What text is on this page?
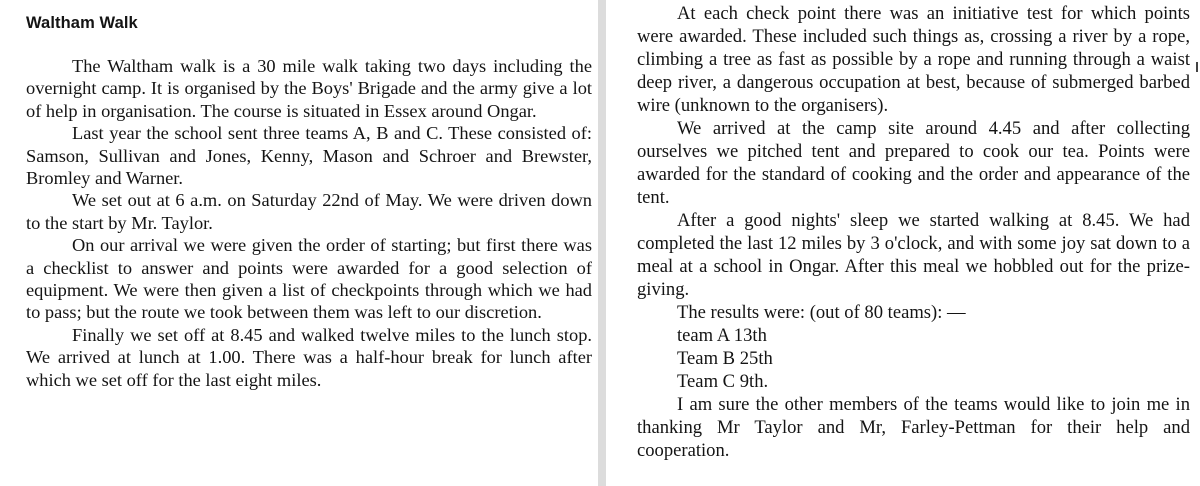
Waltham Walk

The Waltham walk is a 30 mile walk taking two days including the overnight camp. It is organised by the Boys' Brigade and the army give a lot of help in organisation. The course is situated in Essex around Ongar.

Last year the school sent three teams A, B and C. These consisted of: Samson, Sullivan and Jones, Kenny, Mason and Schroer and Brewster, Bromley and Warner.

We set out at 6 a.m. on Saturday 22nd of May. We were driven down to the start by Mr. Taylor.

On our arrival we were given the order of starting; but first there was a checklist to answer and points were awarded for a good selection of equipment. We were then given a list of checkpoints through which we had to pass; but the route we took between them was left to our discretion.

Finally we set off at 8.45 and walked twelve miles to the lunch stop. We arrived at lunch at 1.00. There was a half-hour break for lunch after which we set off for the last eight miles.

At each check point there was an initiative test for which points were awarded. These included such things as, crossing a river by a rope, climbing a tree as fast as possible by a rope and running through a waist deep river, a dangerous occupation at best, because of submerged barbed wire (unknown to the organisers).

We arrived at the camp site around 4.45 and after collecting ourselves we pitched tent and prepared to cook our tea. Points were awarded for the standard of cooking and the order and appearance of the tent.

After a good nights' sleep we started walking at 8.45. We had completed the last 12 miles by 3 o'clock, and with some joy sat down to a meal at a school in Ongar. After this meal we hobbled out for the prize-giving.

The results were: (out of 80 teams): —

team A 13th
Team B 25th
Team C 9th.

I am sure the other members of the teams would like to join me in thanking Mr Taylor and Mr, Farley-Pettman for their help and cooperation.
